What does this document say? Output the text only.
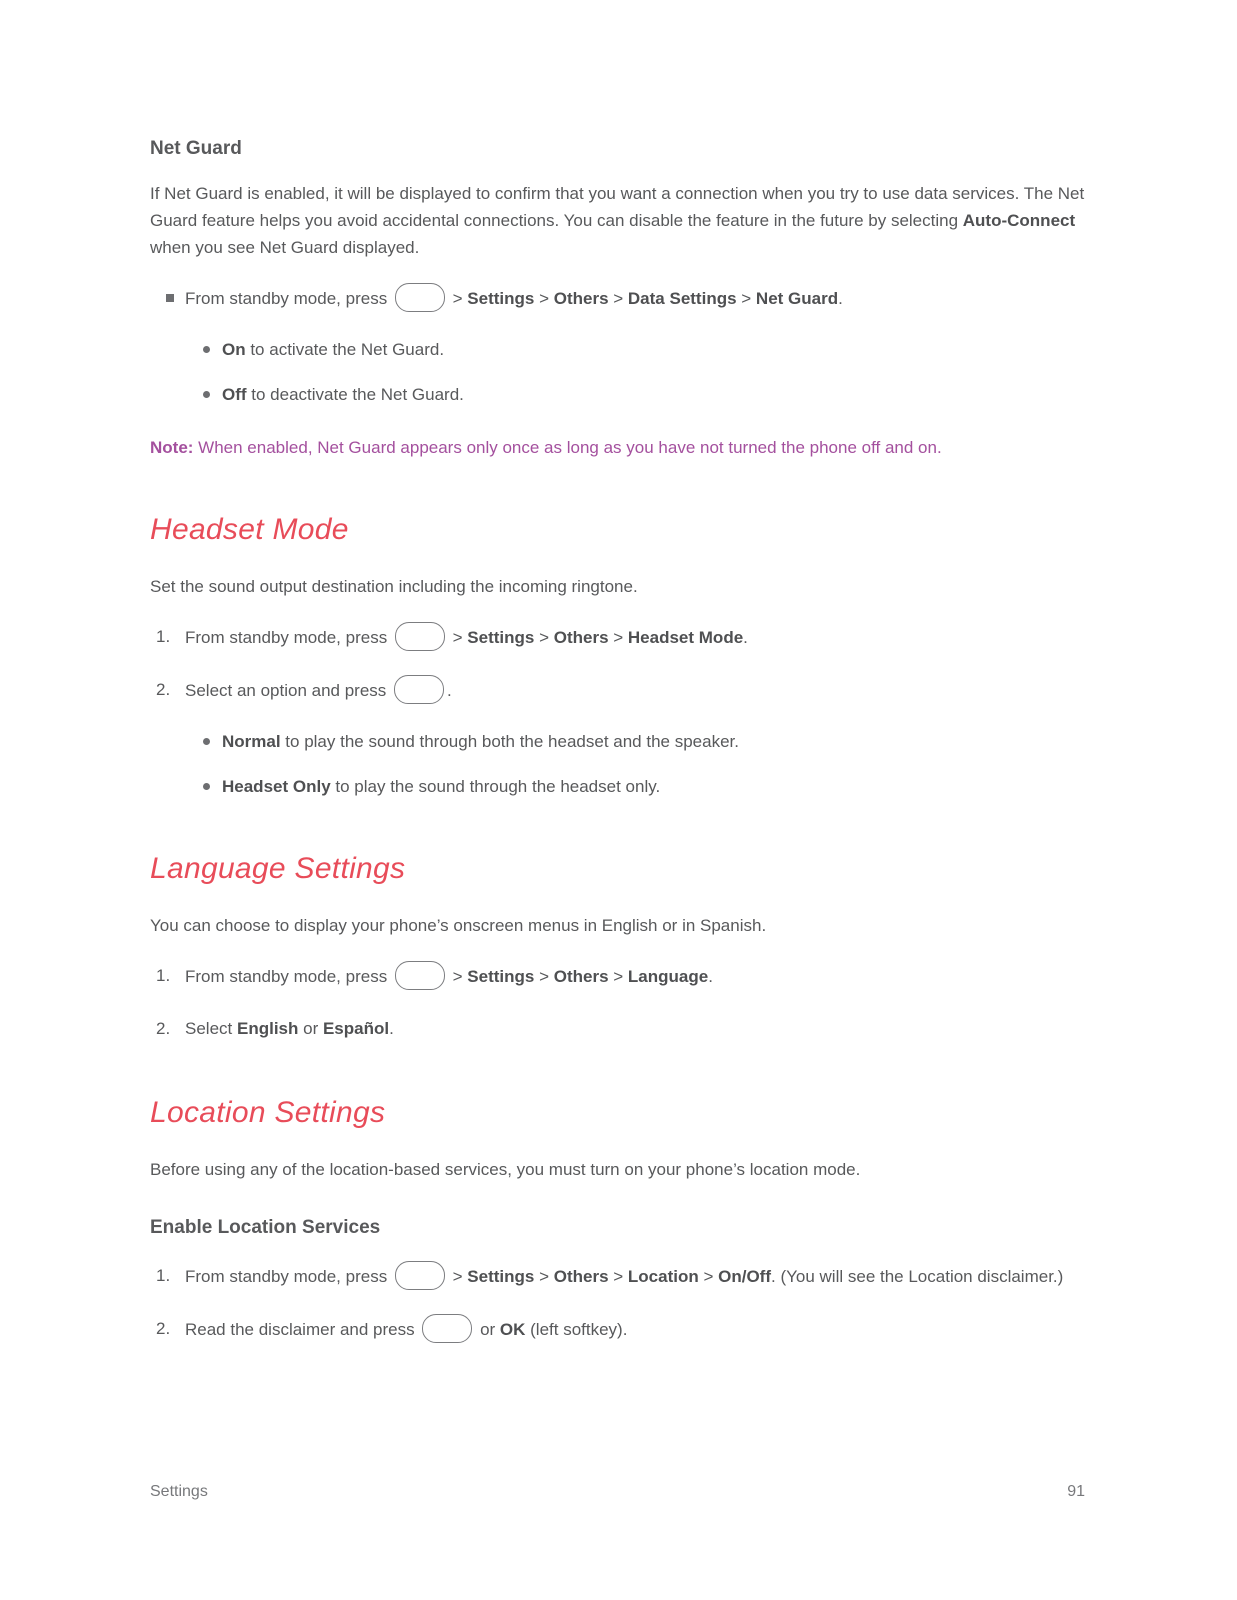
Net Guard

If Net Guard is enabled, it will be displayed to confirm that you want a connection when you try to use data services. The Net Guard feature helps you avoid accidental connections. You can disable the feature in the future by selecting Auto-Connect when you see Net Guard displayed.

From standby mode, press	> Settings > Others > Data Settings > Net Guard.
On to activate the Net Guard.
Off to deactivate the Net Guard.

Note: When enabled, Net Guard appears only once as long as you have not turned the phone off and on.

Headset Mode

Set the sound output destination including the incoming ringtone.

1. From standby mode, press	> Settings > Others > Headset Mode.
2. Select an option and press	.
Normal to play the sound through both the headset and the speaker.
Headset Only to play the sound through the headset only.
Language Settings

You can choose to display your phone’s onscreen menus in English or in Spanish.

1. From standby mode, press	> Settings > Others > Language.
2. Select English or Español.
Location Settings

Before using any of the location-based services, you must turn on your phone’s location mode.

Enable Location Services
1. From standby mode, press	> Settings > Others > Location > On/Off. (You will see the Location disclaimer.)
2. Read the disclaimer and press	or OK (left softkey).
Settings	91
